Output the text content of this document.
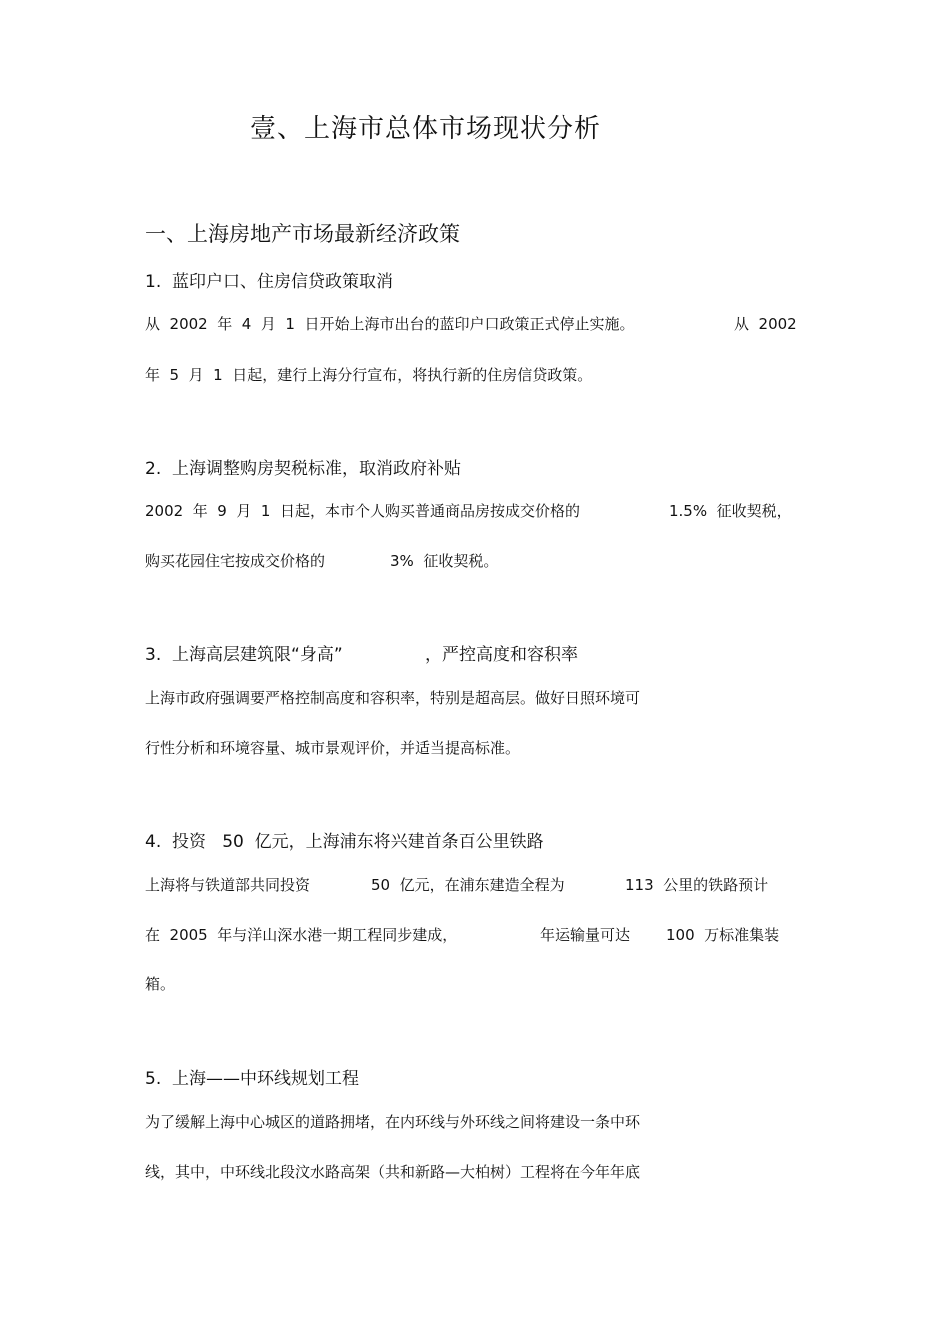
壹、上海市总体市场现状分析
一、上海房地产市场最新经济政策
1.  蓝印户口、住房信贷政策取消
从  2002  年  4  月  1  日开始上海市出台的蓝印户口政策正式停止实施。	从  2002
年  5  月  1  日起，建行上海分行宣布，将执行新的住房信贷政策。
2.  上海调整购房契税标准，取消政府补贴
2002  年  9  月  1  日起，本市个人购买普通商品房按成交价格的	1.5%  征收契税，
购买花园住宅按成交价格的	3%  征收契税。
3.  上海高层建筑限“身高”	，严控高度和容积率
上海市政府强调要严格控制高度和容积率，特别是超高层。做好日照环境可
行性分析和环境容量、城市景观评价，并适当提高标准。
4.  投资   50  亿元，上海浦东将兴建首条百公里铁路
上海将与铁道部共同投资	50  亿元，在浦东建造全程为	113  公里的铁路预计
在  2005  年与洋山深水港一期工程同步建成，	年运输量可达 100  万标准集装
箱。
5.  上海——中环线规划工程
为了缓解上海中心城区的道路拥堵，在内环线与外环线之间将建设一条中环
线，其中，中环线北段汶水路高架（共和新路—大柏树）工程将在今年年底
